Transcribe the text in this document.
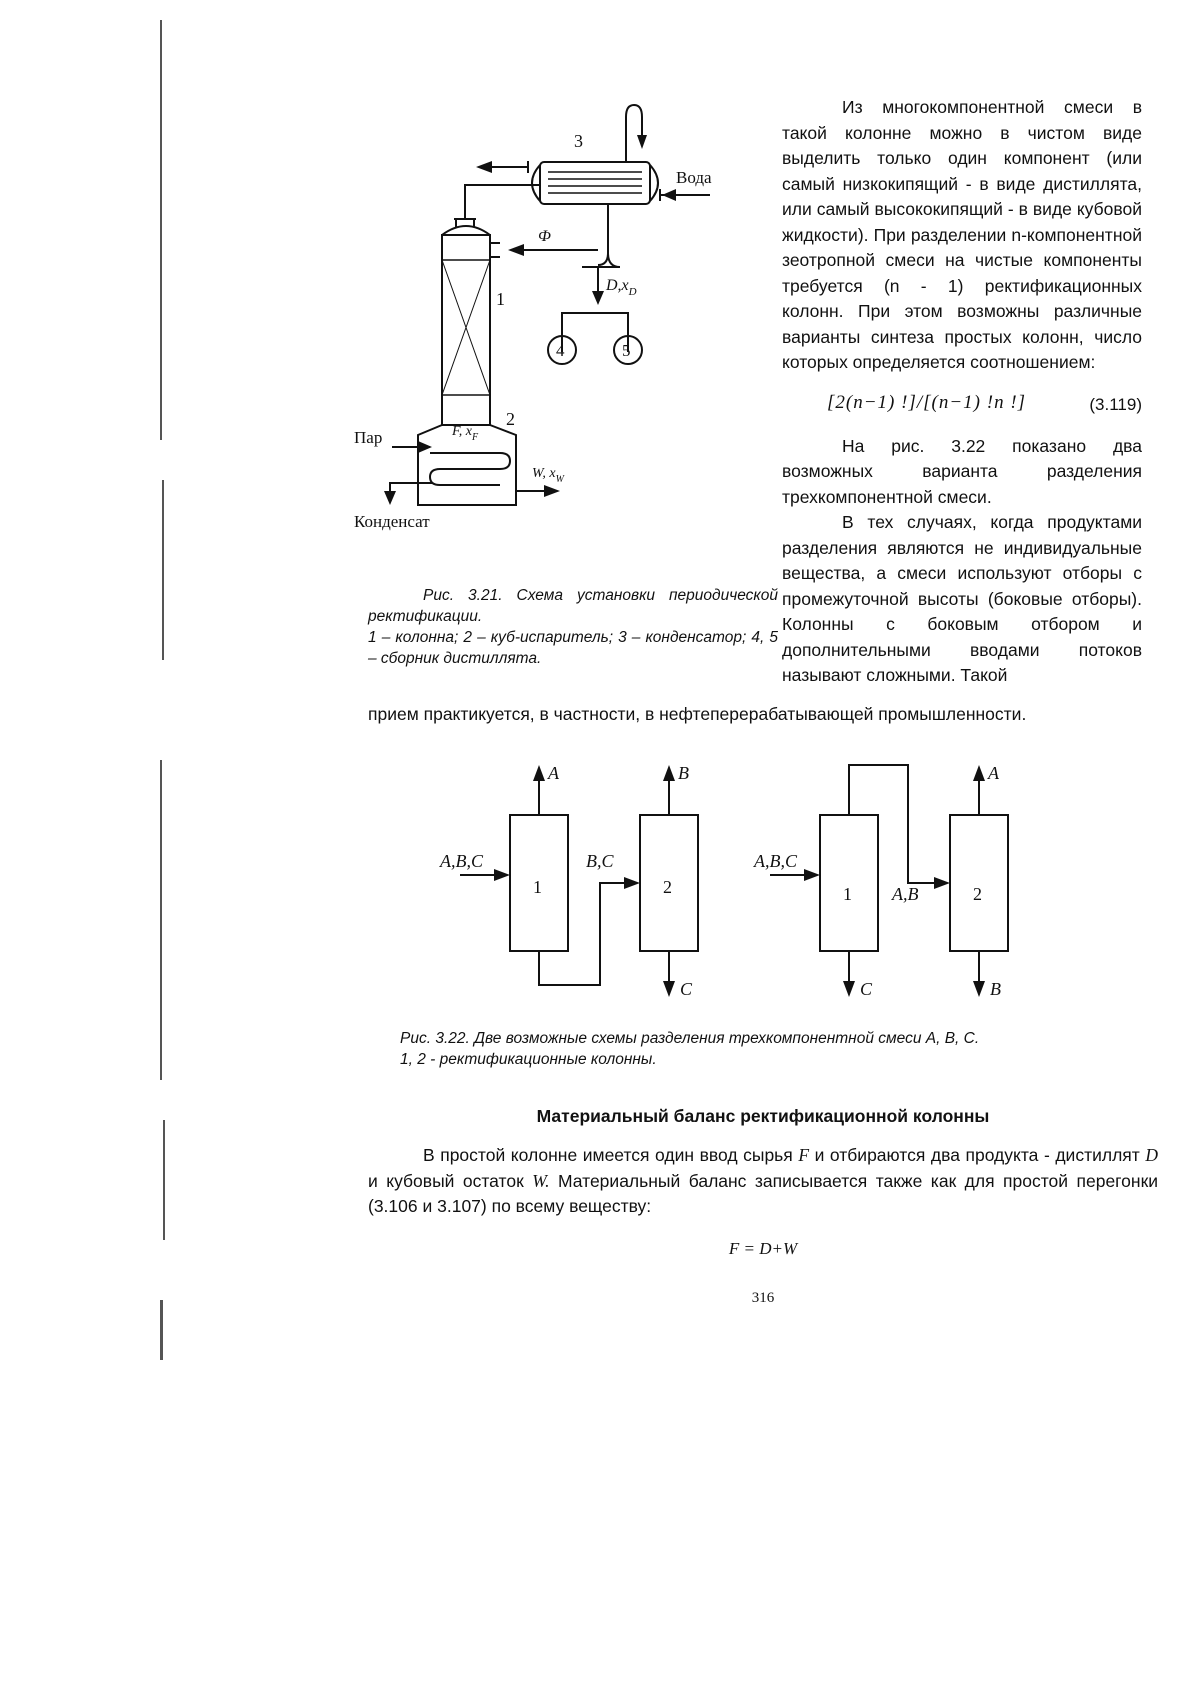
3
Вода
Ф
1
$D,x_D$
4	5
2
F, $x_F$
Пар
W, $x_W$
Конденсат

Из многокомпонентной смеси в такой колонне можно в чистом виде выделить только один компонент (или самый низкокипящий - в виде дистиллята, или самый высококипящий - в виде кубовой жидкости). При разделении n-компонентной зеотропной смеси на чистые компоненты требуется (n - 1) ректификационных колонн. При этом возможны различные варианты синтеза простых колонн, число которых определяется соотношением:

[2(n−1) !]/[(n−1) !n !]	(3.119)

На рис. 3.22 показано два возможных варианта разделения трехкомпонентной смеси.

В тех случаях, когда продуктами разделения являются не индивидуальные вещества, а смеси используют отборы с промежуточной высоты (боковые отборы). Колонны с боковым отбором и дополнительными вводами потоков называют сложными. Такой

Рис. 3.21. Схема установки периодической ректификации.
1 – колонна; 2 – куб-испаритель; 3 – конденсатор; 4, 5 – сборник дистиллята.

прием практикуется, в частности, в нефтеперерабатывающей промышленности.

A,B,C
1	2
A	B
B,C
C
A,B,C
1	2
A
A,B
C	B

Рис. 3.22. Две возможные схемы разделения трехкомпонентной смеси A, B, C.
1, 2 - ректификационные колонны.

Материальный баланс ректификационной колонны

В простой колонне имеется один ввод сырья F и отбираются два продукта - дистиллят D и кубовый остаток W. Материальный баланс записывается также как для простой перегонки (3.106 и 3.107) по всему веществу:

F = D+W
316
